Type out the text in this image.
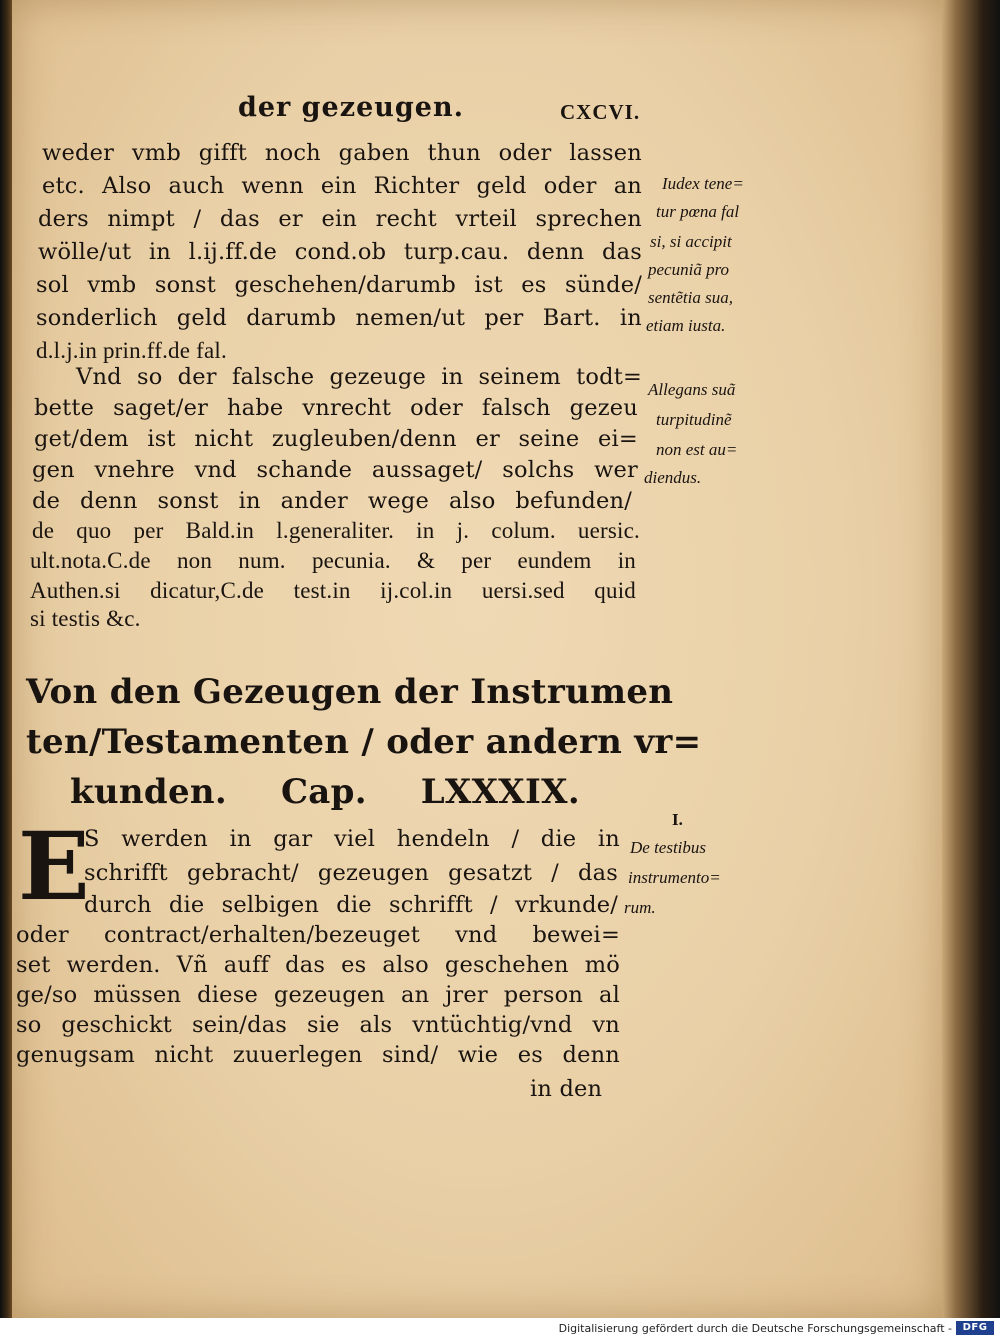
der gezeugen.	CXCVI.
weder vmb gifft noch gaben thun oder lassen
etc. Also auch wenn ein Richter geld oder an
ders nimpt / das er ein recht vrteil sprechen
wölle/ut in l.ij.ff.de cond.ob turp.cau. denn das
sol vmb sonst geschehen/darumb ist es sünde/
sonderlich geld darumb nemen/ut per Bart. in
d.l.j.in prin.ff.de fal.
Vnd so der falsche gezeuge in seinem todt=
bette saget/er habe vnrecht oder falsch gezeu
get/dem ist nicht zugleuben/denn er seine ei=
gen vnehre vnd schande aussaget/ solchs wer
de denn sonst in ander wege also befunden/
de quo per Bald.in l.generaliter. in j. colum. uersic.
ult.nota.C.de non num. pecunia. & per eundem in
Authen.si dicatur,C.de test.in ij.col.in uersi.sed quid
si testis &c.
Von den Gezeugen der Instrumen
ten/Testamenten / oder andern vr=
kunden. Cap. LXXXIX.
E
S werden in gar viel hendeln / die in
schrifft gebracht/ gezeugen gesatzt / das
durch die selbigen die schrifft / vrkunde/
oder contract/erhalten/bezeuget vnd bewei=
set werden. Vñ auff das es also geschehen mö
ge/so müssen diese gezeugen an jrer person al
so geschickt sein/das sie als vntüchtig/vnd vn
genugsam nicht zuuerlegen sind/ wie es denn
in den
Iudex tene=
tur pœna fal
si, si accipit
pecuniã pro
sentẽtia sua,
etiam iusta.
Allegans suã
turpitudinẽ
non est au=
diendus.
I.
De testibus
instrumento=
rum.
Digitalisierung gefördert durch die Deutsche Forschungsgemeinschaft -	DFG
